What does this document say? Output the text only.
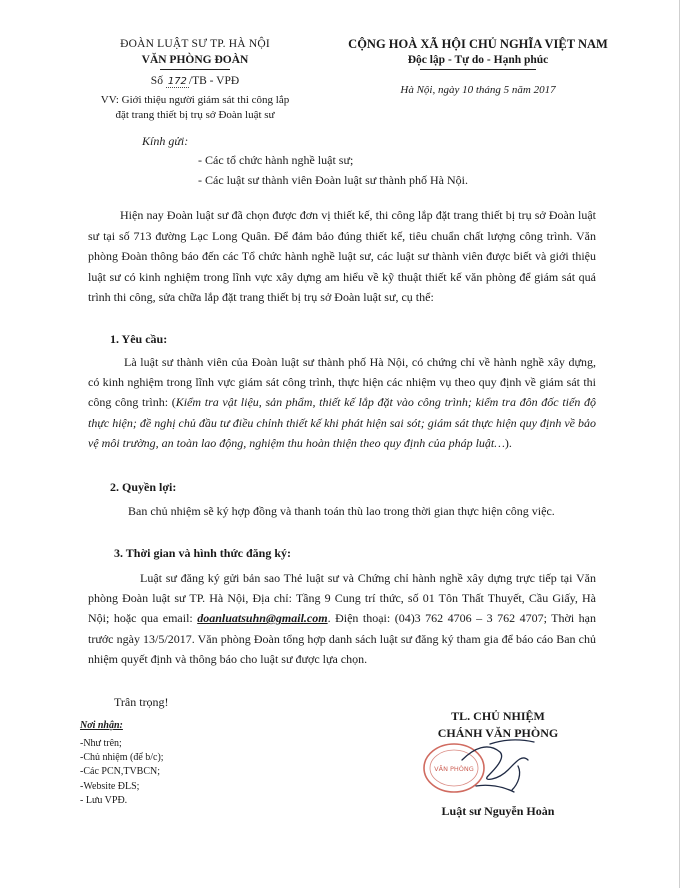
ĐOÀN LUẬT SƯ TP. HÀ NỘI
VĂN PHÒNG ĐOÀN
Số 172 /TB - VPĐ
VV: Giới thiệu người giám sát thi công lắp
đặt trang thiết bị trụ sở Đoàn luật sư
CỘNG HOÀ XÃ HỘI CHỦ NGHĨA VIỆT NAM
Độc lập - Tự do - Hạnh phúc
Hà Nội, ngày 10 tháng 5 năm 2017
Kính gửi:
- Các tổ chức hành nghề luật sư;
- Các luật sư thành viên Đoàn luật sư thành phố Hà Nội.

Hiện nay Đoàn luật sư đã chọn được đơn vị thiết kế, thi công lắp đặt trang thiết bị trụ sở Đoàn luật sư tại số 713 đường Lạc Long Quân. Để đảm bảo đúng thiết kế, tiêu chuẩn chất lượng công trình. Văn phòng Đoàn thông báo đến các Tổ chức hành nghề luật sư, các luật sư thành viên được biết và giới thiệu luật sư có kinh nghiệm trong lĩnh vực xây dựng am hiểu về kỹ thuật thiết kế văn phòng để giám sát quá trình thi công, sửa chữa lắp đặt trang thiết bị trụ sở Đoàn luật sư, cụ thể:

1. Yêu cầu:

Là luật sư thành viên của Đoàn luật sư thành phố Hà Nội, có chứng chỉ về hành nghề xây dựng, có kinh nghiệm trong lĩnh vực giám sát công trình, thực hiện các nhiệm vụ theo quy định về giám sát thi công công trình: (Kiểm tra vật liệu, sản phẩm, thiết kế lắp đặt vào công trình; kiểm tra đôn đốc tiến độ thực hiện; đề nghị chủ đầu tư điều chỉnh thiết kế khi phát hiện sai sót; giám sát thực hiện quy định về bảo vệ môi trường, an toàn lao động, nghiệm thu hoàn thiện theo quy định của pháp luật…).

2. Quyền lợi:

Ban chủ nhiệm sẽ ký hợp đồng và thanh toán thù lao trong thời gian thực hiện công việc.

3. Thời gian và hình thức đăng ký:

Luật sư đăng ký gửi bản sao Thẻ luật sư và Chứng chỉ hành nghề xây dựng trực tiếp tại Văn phòng Đoàn luật sư TP. Hà Nội, Địa chỉ: Tầng 9 Cung trí thức, số 01 Tôn Thất Thuyết, Cầu Giấy, Hà Nội; hoặc qua email: doanluatsuhn@gmail.com. Điện thoại: (04)3 762 4706 – 3 762 4707; Thời hạn trước ngày 13/5/2017. Văn phòng Đoàn tổng hợp danh sách luật sư đăng ký tham gia để báo cáo Ban chủ nhiệm quyết định và thông báo cho luật sư được lựa chọn.

Trân trọng!
Nơi nhận:
-Như trên;
-Chủ nhiệm (để b/c);
-Các PCN,TVBCN;
-Website ĐLS;
- Lưu VPĐ.
TL. CHỦ NHIỆM
CHÁNH VĂN PHÒNG
VĂN PHÒNG
Luật sư Nguyễn Hoàn
